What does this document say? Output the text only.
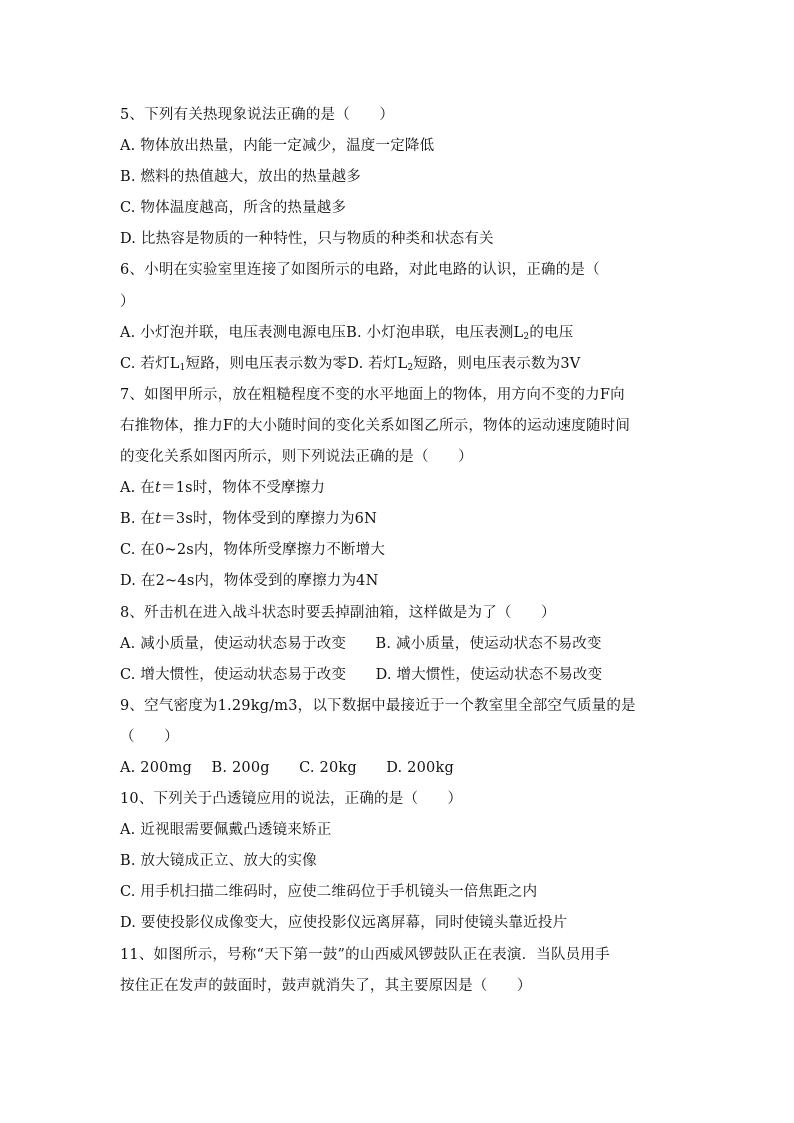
5、下列有关热现象说法正确的是（　　）
A. 物体放出热量，内能一定减少，温度一定降低
B. 燃料的热值越大，放出的热量越多
C. 物体温度越高，所含的热量越多
D. 比热容是物质的一种特性，只与物质的种类和状态有关
6、小明在实验室里连接了如图所示的电路，对此电路的认识，正确的是（
）
A. 小灯泡并联，电压表测电源电压B. 小灯泡串联，电压表测$L_2$的电压
C. 若灯$L_1$短路，则电压表示数为零D. 若灯$L_2$短路，则电压表示数为3V
7、如图甲所示，放在粗糙程度不变的水平地面上的物体，用方向不变的力F向
右推物体，推力F的大小随时间的变化关系如图乙所示，物体的运动速度随时间
的变化关系如图丙所示，则下列说法正确的是（　　）
A. 在t＝1s时，物体不受摩擦力
B. 在t＝3s时，物体受到的摩擦力为6N
C. 在0~2s内，物体所受摩擦力不断增大
D. 在2~4s内，物体受到的摩擦力为4N
8、歼击机在进入战斗状态时要丢掉副油箱，这样做是为了（　　）
A. 减小质量，使运动状态易于改变　　B. 减小质量，使运动状态不易改变
C. 增大惯性，使运动状态易于改变　　D. 增大惯性，使运动状态不易改变
9、空气密度为1.29kg/m3，以下数据中最接近于一个教室里全部空气质量的是
（　　）
A. 200mg　 B. 200g　　C. 20kg　　D. 200kg
10、下列关于凸透镜应用的说法，正确的是（　　）
A. 近视眼需要佩戴凸透镜来矫正
B. 放大镜成正立、放大的实像
C. 用手机扫描二维码时，应使二维码位于手机镜头一倍焦距之内
D. 要使投影仪成像变大，应使投影仪远离屏幕，同时使镜头靠近投片
11、如图所示，号称“天下第一鼓”的山西威风锣鼓队正在表演．当队员用手
按住正在发声的鼓面时，鼓声就消失了，其主要原因是（　　）
